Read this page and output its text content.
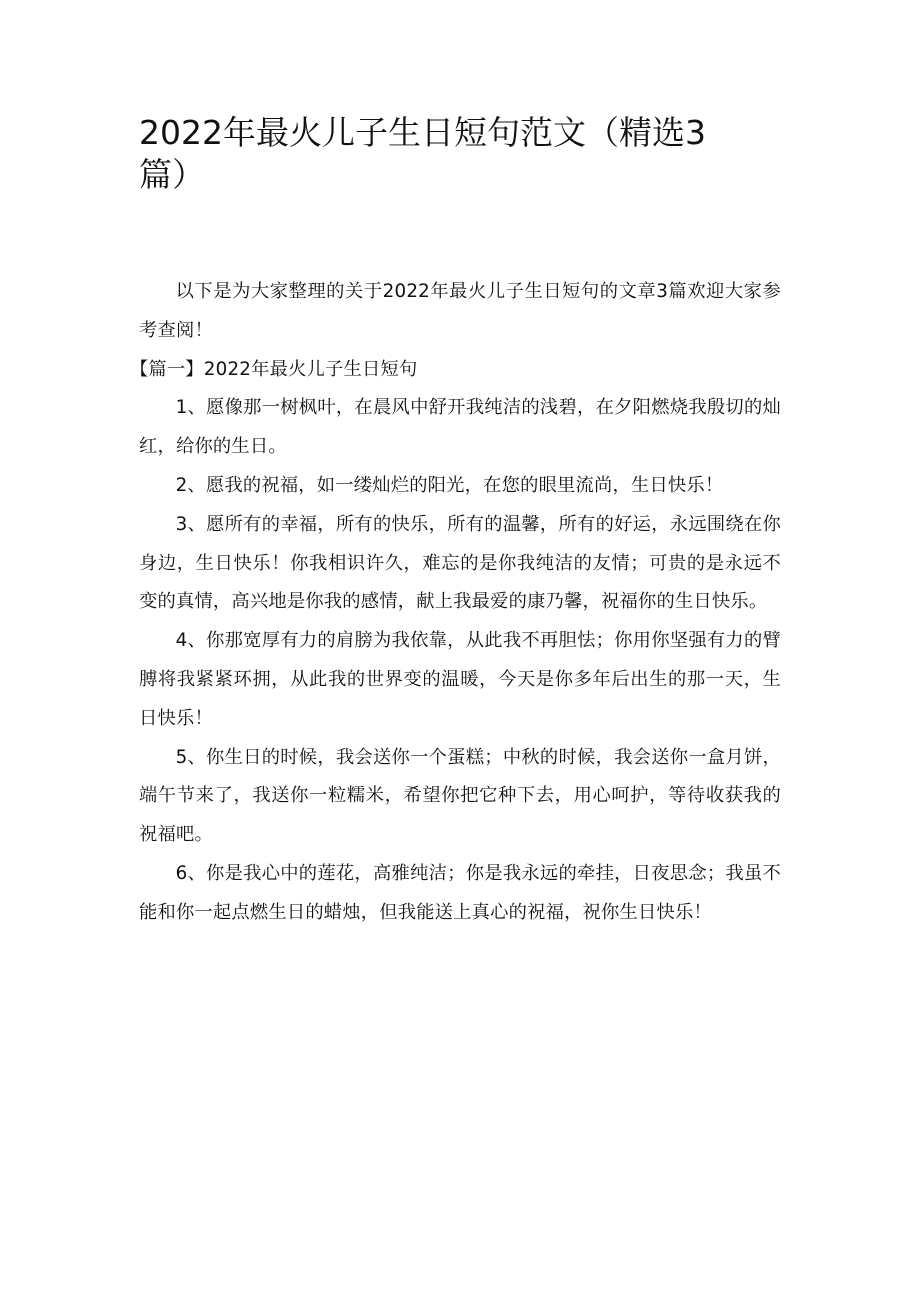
2022年最火儿子生日短句范文（精选3篇）

以下是为大家整理的关于2022年最火儿子生日短句的文章3篇欢迎大家参考查阅！

【篇一】2022年最火儿子生日短句

1、愿像那一树枫叶，在晨风中舒开我纯洁的浅碧，在夕阳燃烧我殷切的灿红，给你的生日。

2、愿我的祝福，如一缕灿烂的阳光，在您的眼里流尚，生日快乐！

3、愿所有的幸福，所有的快乐，所有的温馨，所有的好运，永远围绕在你身边，生日快乐！你我相识许久，难忘的是你我纯洁的友情；可贵的是永远不变的真情，高兴地是你我的感情，献上我最爱的康乃馨，祝福你的生日快乐。

4、你那宽厚有力的肩膀为我依靠，从此我不再胆怯；你用你坚强有力的臂膊将我紧紧环拥，从此我的世界变的温暖，今天是你多年后出生的那一天，生日快乐！

5、你生日的时候，我会送你一个蛋糕；中秋的时候，我会送你一盒月饼，端午节来了，我送你一粒糯米，希望你把它种下去，用心呵护，等待收获我的祝福吧。

6、你是我心中的莲花，高雅纯洁；你是我永远的牵挂，日夜思念；我虽不能和你一起点燃生日的蜡烛，但我能送上真心的祝福，祝你生日快乐！
